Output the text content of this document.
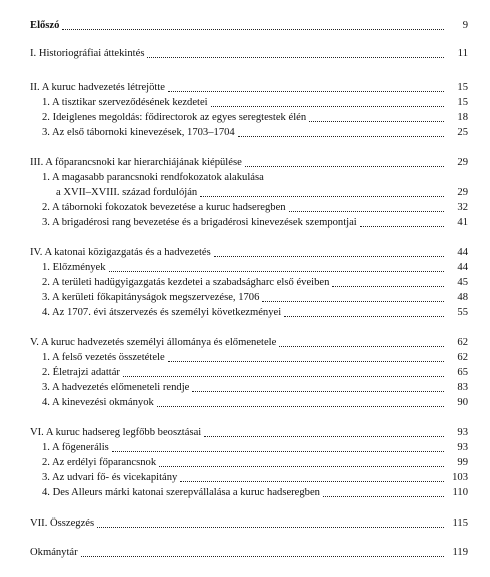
Előszó	9
I. Historiográfiai áttekintés	11
II. A kuruc hadvezetés létrejötte	15
1. A tisztikar szerveződésének kezdetei	15
2. Ideiglenes megoldás: fődirectorok az egyes seregtestek élén	18
3. Az első tábornoki kinevezések, 1703–1704	25
III. A főparancsnoki kar hierarchiájának kiépülése	29
1. A magasabb parancsnoki rendfokozatok alakulása
a XVII–XVIII. század fordulóján	29
2. A tábornoki fokozatok bevezetése a kuruc hadseregben	32
3. A brigadérosi rang bevezetése és a brigadérosi kinevezések szempontjai	41
IV. A katonai közigazgatás és a hadvezetés	44
1. Előzmények	44
2. A területi hadügyigazgatás kezdetei a szabadságharc első éveiben	45
3. A kerületi főkapitányságok megszervezése, 1706	48
4. Az 1707. évi átszervezés és személyi következményei	55
V. A kuruc hadvezetés személyi állománya és előmenetele	62
1. A felső vezetés összetétele	62
2. Életrajzi adattár	65
3. A hadvezetés előmeneteli rendje	83
4. A kinevezési okmányok	90
VI. A kuruc hadsereg legfőbb beosztásai	93
1. A fögenerális	93
2. Az erdélyi főparancsnok	99
3. Az udvari fő- és vicekapitány	103
4. Des Alleurs márki katonai szerepvállalása a kuruc hadseregben	110
VII. Összegzés	115
Okmánytár	119
